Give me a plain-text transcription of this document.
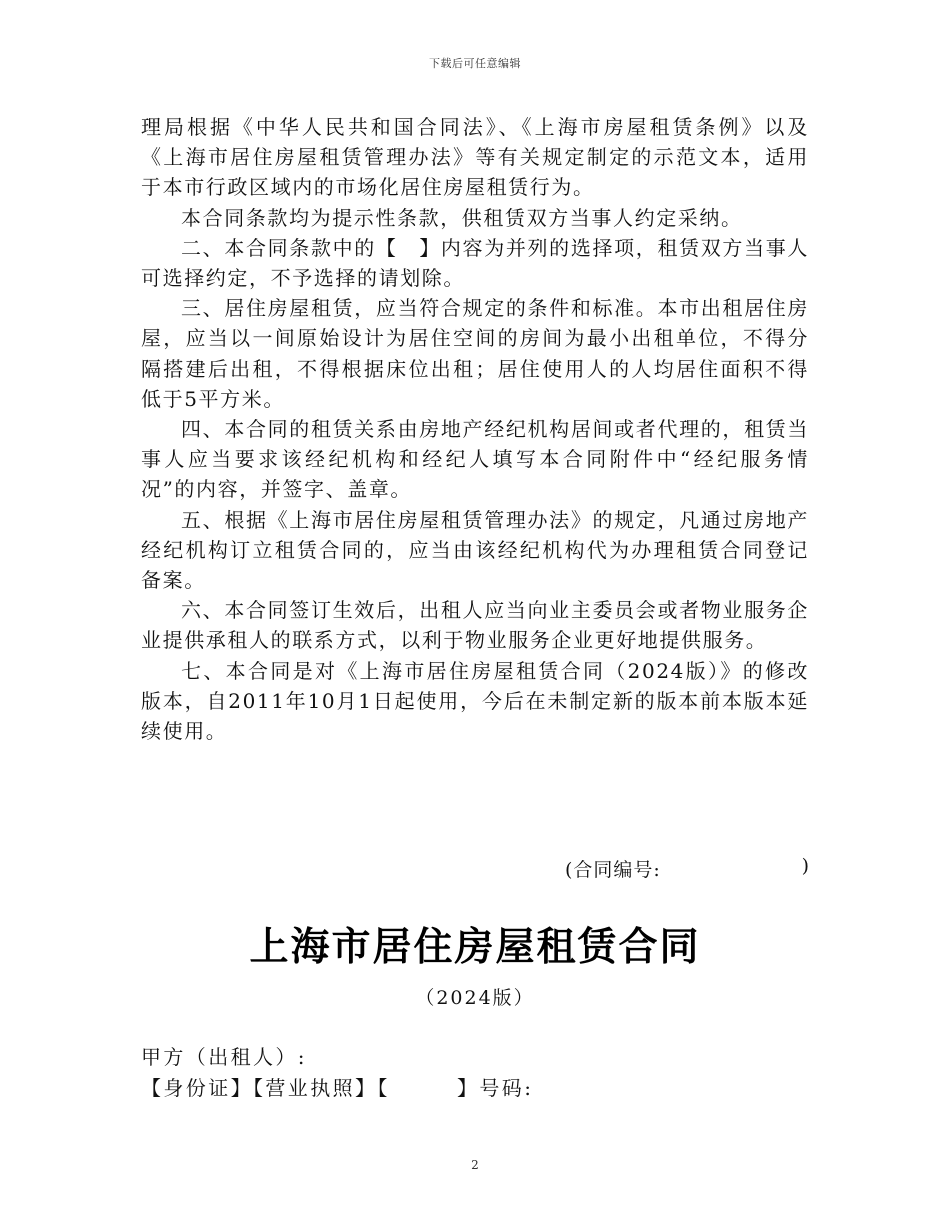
下载后可任意编辑

理局根据《中华人民共和国合同法》、《上海市房屋租赁条例》以及《上海市居住房屋租赁管理办法》等有关规定制定的示范文本，适用于本市行政区域内的市场化居住房屋租赁行为。

本合同条款均为提示性条款，供租赁双方当事人约定采纳。

二、本合同条款中的【　】内容为并列的选择项，租赁双方当事人可选择约定，不予选择的请划除。

三、居住房屋租赁，应当符合规定的条件和标准。本市出租居住房屋，应当以一间原始设计为居住空间的房间为最小出租单位，不得分隔搭建后出租，不得根据床位出租；居住使用人的人均居住面积不得低于5平方米。

四、本合同的租赁关系由房地产经纪机构居间或者代理的，租赁当事人应当要求该经纪机构和经纪人填写本合同附件中“经纪服务情况”的内容，并签字、盖章。

五、根据《上海市居住房屋租赁管理办法》的规定，凡通过房地产经纪机构订立租赁合同的，应当由该经纪机构代为办理租赁合同登记备案。

六、本合同签订生效后，出租人应当向业主委员会或者物业服务企业提供承租人的联系方式，以利于物业服务企业更好地提供服务。

七、本合同是对《上海市居住房屋租赁合同（2024版）》的修改版本，自2011年10月1日起使用，今后在未制定新的版本前本版本延续使用。

(合同编号:	)
上海市居住房屋租赁合同
（2024版）
甲方（出租人）:
【身份证】【营业执照】【　　　】号码:
2
